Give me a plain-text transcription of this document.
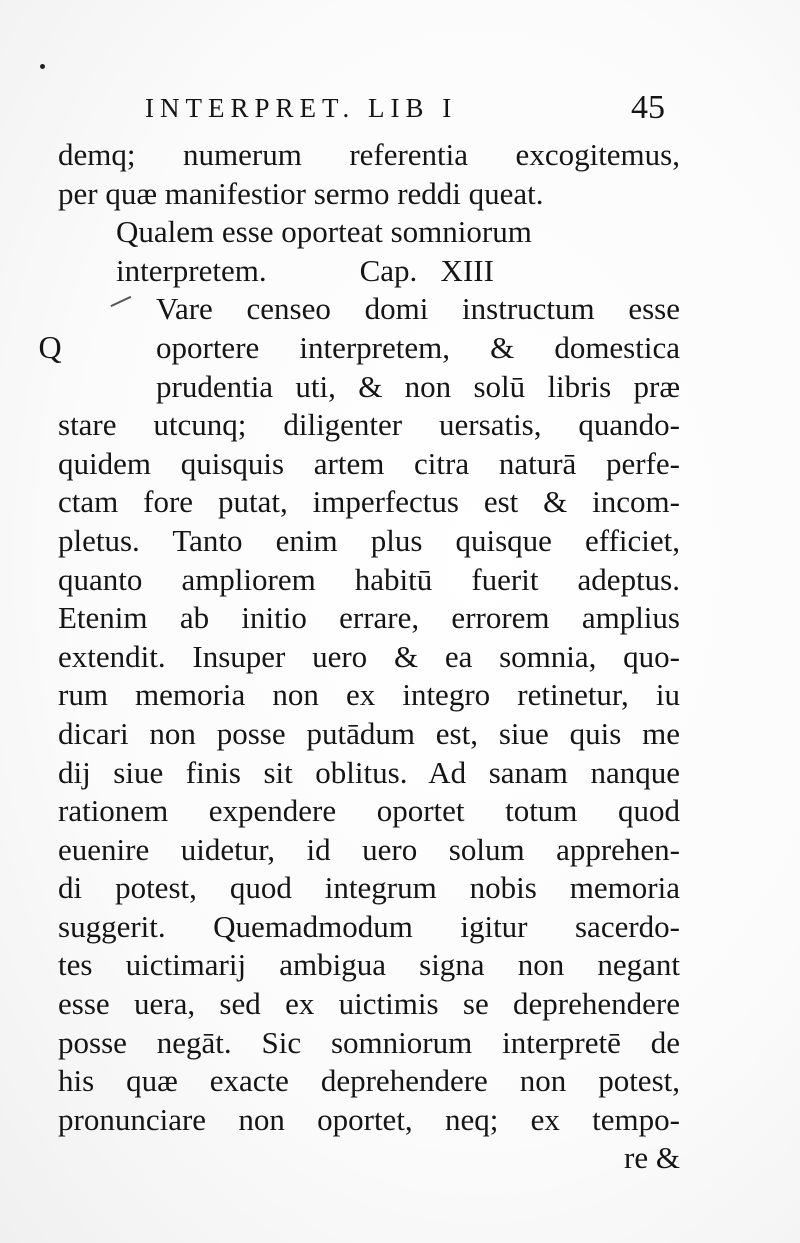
INTERPRET. LIB I	45
Q
demq; numerum referentia excogitemus,
per quæ manifestior sermo reddi queat.
Qualem esse oporteat somniorum
interpretem.            Cap.   XIII
Vare censeo domi instructum esse
oportere interpretem, & domestica
prudentia uti, & non solū libris præ
stare utcunq; diligenter uersatis, quando-
quidem quisquis artem citra naturā perfe-
ctam fore putat, imperfectus est & incom-
pletus. Tanto enim plus quisque efficiet,
quanto ampliorem habitū fuerit adeptus.
Etenim ab initio errare, errorem amplius
extendit. Insuper uero & ea somnia, quo-
rum memoria non ex integro retinetur, iu
dicari non posse putādum est, siue quis me
dij siue finis sit oblitus. Ad sanam nanque
rationem expendere oportet totum quod
euenire uidetur, id uero solum apprehen-
di potest, quod integrum nobis memoria
suggerit. Quemadmodum igitur sacerdo-
tes uictimarij ambigua signa non negant
esse uera, sed ex uictimis se deprehendere
posse negāt. Sic somniorum interpretē de
his quæ exacte deprehendere non potest,
pronunciare non oportet, neq; ex tempo-
re &
